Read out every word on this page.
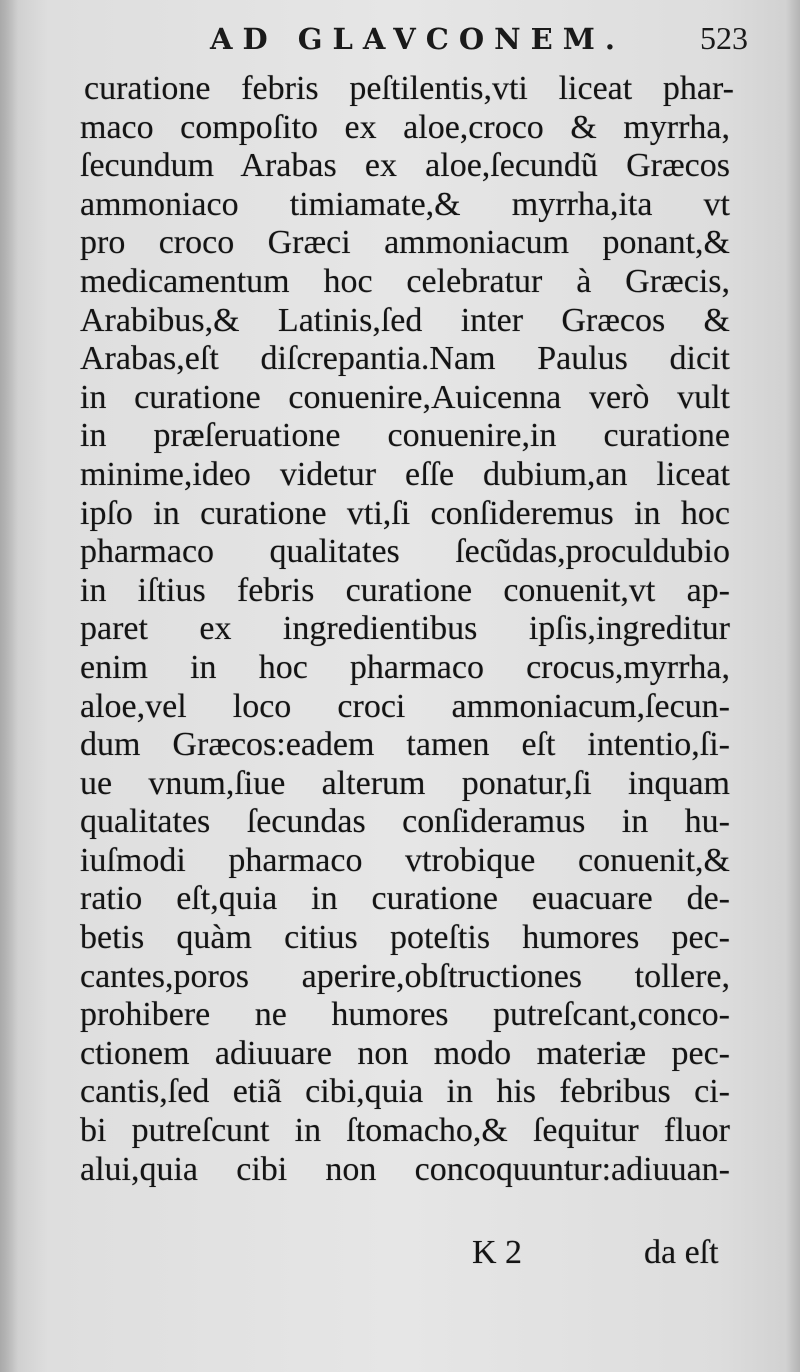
AD GLAVCONEM. 523
curatione febris peſtilentis,vti liceat phar-
maco compoſito ex aloe,croco & myrrha,
ſecundum Arabas ex aloe,ſecundũ Græcos
ammoniaco timiamate,& myrrha,ita vt
pro croco Græci ammoniacum ponant,&
medicamentum hoc celebratur à Græcis,
Arabibus,& Latinis,ſed inter Græcos &
Arabas,eſt diſcrepantia.Nam Paulus dicit
in curatione conuenire,Auicenna verò vult
in præſeruatione conuenire,in curatione
minime,ideo videtur eſſe dubium,an liceat
ipſo in curatione vti,ſi conſideremus in hoc
pharmaco qualitates ſecũdas,proculdubio
in iſtius febris curatione conuenit,vt ap-
paret ex ingredientibus ipſis,ingreditur
enim in hoc pharmaco crocus,myrrha,
aloe,vel loco croci ammoniacum,ſecun-
dum Græcos:eadem tamen eſt intentio,ſi-
ue vnum,ſiue alterum ponatur,ſi inquam
qualitates ſecundas conſideramus in hu-
iuſmodi pharmaco vtrobique conuenit,&
ratio eſt,quia in curatione euacuare de-
betis quàm citius poteſtis humores pec-
cantes,poros aperire,obſtructiones tollere,
prohibere ne humores putreſcant,conco-
ctionem adiuuare non modo materiæ pec-
cantis,ſed etiã cibi,quia in his febribus ci-
bi putreſcunt in ſtomacho,& ſequitur fluor
alui,quia cibi non concoquuntur:adiuuan-
K 2	da eſt
